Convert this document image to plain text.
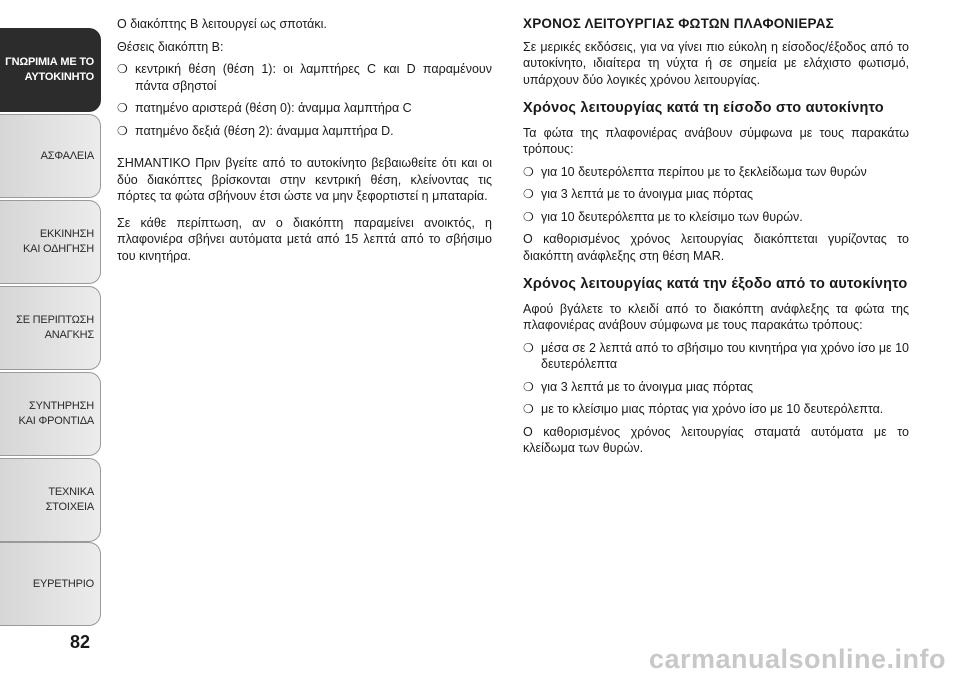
ΓΝΩΡΙΜΙΑ ΜΕ ΤΟ
ΑΥΤΟΚΙΝΗΤΟ
ΑΣΦΑΛΕΙΑ
ΕΚΚΙΝΗΣΗ
ΚΑΙ ΟΔΗΓΗΣΗ
ΣΕ ΠΕΡΙΠΤΩΣΗ
ΑΝΑΓΚΗΣ
ΣΥΝΤΗΡΗΣΗ
ΚΑΙ ΦΡΟΝΤΙΔΑ
ΤΕΧΝΙΚΑ
ΣΤΟΙΧΕΙΑ
ΕΥΡΕΤΗΡΙΟ
82

Ο διακόπτης B λειτουργεί ως σποτάκι.

Θέσεις διακόπτη B:

❍ κεντρική θέση (θέση 1): οι λαμπτήρες C και D παραμένουν πάντα σβηστοί
❍ πατημένο αριστερά (θέση 0): άναμμα λαμπτήρα C
❍ πατημένο δεξιά (θέση 2): άναμμα λαμπτήρα D.

ΣΗΜΑΝΤΙΚΟ Πριν βγείτε από το αυτοκίνητο βεβαιωθείτε ότι και οι δύο διακόπτες βρίσκονται στην κεντρική θέση, κλείνοντας τις πόρτες τα φώτα σβήνουν έτσι ώστε να μην ξεφορτιστεί η μπαταρία.

Σε κάθε περίπτωση, αν ο διακόπτη παραμείνει ανοικτός, η πλαφονιέρα σβήνει αυτόματα μετά από 15 λεπτά από το σβήσιμο του κινητήρα.

ΧΡΟΝΟΣ ΛΕΙΤΟΥΡΓΙΑΣ ΦΩΤΩΝ ΠΛΑΦΟΝΙΕΡΑΣ

Σε μερικές εκδόσεις, για να γίνει πιο εύκολη η είσοδος/έξοδος από το αυτοκίνητο, ιδιαίτερα τη νύχτα ή σε σημεία με ελάχιστο φωτισμό, υπάρχουν δύο λογικές χρόνου λειτουργίας.

Χρόνος λειτουργίας κατά τη είσοδο στο αυτοκίνητο

Τα φώτα της πλαφονιέρας ανάβουν σύμφωνα με τους παρακάτω τρόπους:

❍ για 10 δευτερόλεπτα περίπου με το ξεκλείδωμα των θυρών
❍ για 3 λεπτά με το άνοιγμα μιας πόρτας
❍ για 10 δευτερόλεπτα με το κλείσιμο των θυρών.

Ο καθορισμένος χρόνος λειτουργίας διακόπτεται γυρίζοντας το διακόπτη ανάφλεξης στη θέση MAR.

Χρόνος λειτουργίας κατά την έξοδο από το αυτοκίνητο

Αφού βγάλετε το κλειδί από το διακόπτη ανάφλεξης τα φώτα της πλαφονιέρας ανάβουν σύμφωνα με τους παρακάτω τρόπους:

❍ μέσα σε 2 λεπτά από το σβήσιμο του κινητήρα για χρόνο ίσο με 10 δευτερόλεπτα
❍ για 3 λεπτά με το άνοιγμα μιας πόρτας
❍ με το κλείσιμο μιας πόρτας για χρόνο ίσο με 10 δευτερόλεπτα.

Ο καθορισμένος χρόνος λειτουργίας σταματά αυτόματα με το κλείδωμα των θυρών.

carmanualsonline.info
